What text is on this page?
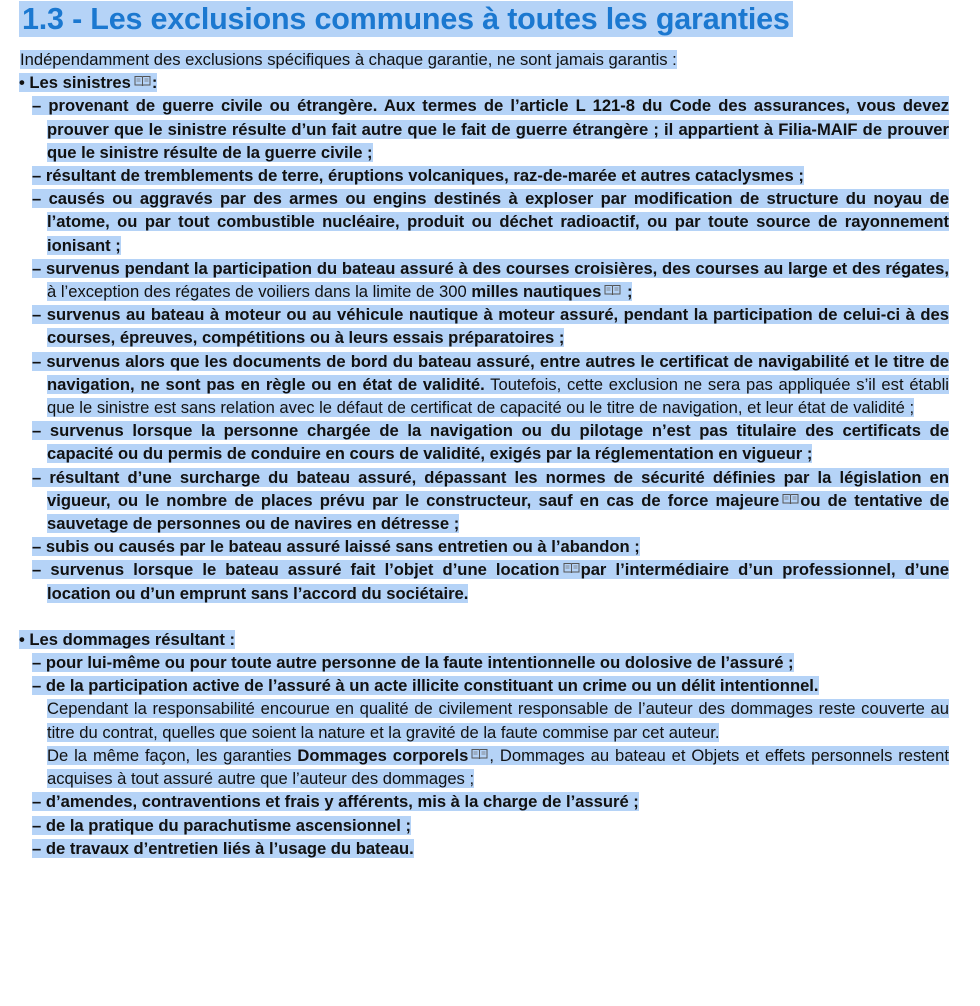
1.3 - Les exclusions communes à toutes les garanties

Indépendamment des exclusions spécifiques à chaque garantie, ne sont jamais garantis :

• Les sinistres :

– provenant de guerre civile ou étrangère. Aux termes de l’article L 121-8 du Code des assurances, vous devez prouver que le sinistre résulte d’un fait autre que le fait de guerre étrangère ; il appartient à Filia-MAIF de prouver que le sinistre résulte de la guerre civile ;

– résultant de tremblements de terre, éruptions volcaniques, raz-de-marée et autres cataclysmes ;

– causés ou aggravés par des armes ou engins destinés à exploser par modification de structure du noyau de l’atome, ou par tout combustible nucléaire, produit ou déchet radioactif, ou par toute source de rayonnement ionisant ;

– survenus pendant la participation du bateau assuré à des courses croisières, des courses au large et des régates, à l’exception des régates de voiliers dans la limite de 300 milles nautiques
;

– survenus au bateau à moteur ou au véhicule nautique à moteur assuré, pendant la participation de celui-ci à des courses, épreuves, compétitions ou à leurs essais préparatoires ;

– survenus alors que les documents de bord du bateau assuré, entre autres le certificat de navigabilité et le titre de navigation, ne sont pas en règle ou en état de validité. Toutefois, cette exclusion ne sera pas appliquée s’il est établi que le sinistre est sans relation avec le défaut de certificat de capacité ou le titre de navigation, et leur état de validité ;

– survenus lorsque la personne chargée de la navigation ou du pilotage n’est pas titulaire des certificats de capacité ou du permis de conduire en cours de validité, exigés par la réglementation en vigueur ;

– résultant d’une surcharge du bateau assuré, dépassant les normes de sécurité définies par la législation en vigueur, ou le nombre de places prévu par le constructeur, sauf en cas de force majeure ou de tentative de sauvetage de personnes ou de navires en détresse ;

– subis ou causés par le bateau assuré laissé sans entretien ou à l’abandon ;

– survenus lorsque le bateau assuré fait l’objet d’une location par l’intermédiaire d’un professionnel, d’une location ou d’un emprunt sans l’accord du sociétaire.

• Les dommages résultant :

– pour lui-même ou pour toute autre personne de la faute intentionnelle ou dolosive de l’assuré ;

– de la participation active de l’assuré à un acte illicite constituant un crime ou un délit intentionnel.

Cependant la responsabilité encourue en qualité de civilement responsable de l’auteur des dommages reste couverte au titre du contrat, quelles que soient la nature et la gravité de la faute commise par cet auteur.

De la même façon, les garanties Dommages corporels , Dommages au bateau et Objets et effets personnels restent acquises à tout assuré autre que l’auteur des dommages ;

– d’amendes, contraventions et frais y afférents, mis à la charge de l’assuré ;

– de la pratique du parachutisme ascensionnel ;

– de travaux d’entretien liés à l’usage du bateau.
